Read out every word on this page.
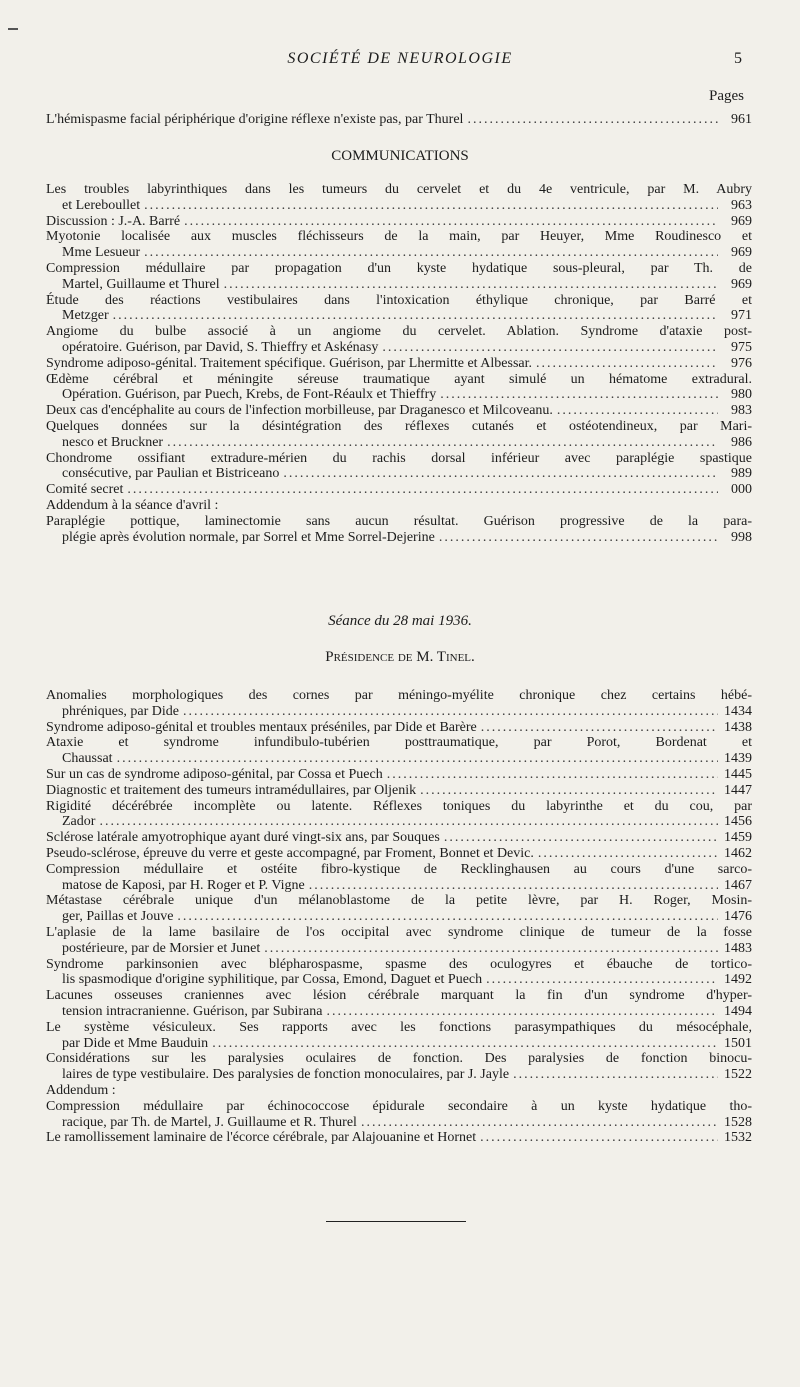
SOCIÉTÉ DE NEUROLOGIE	5
Pages
L'hémispasme facial périphérique d'origine réflexe n'existe pas, par Thurel .....	961
COMMUNICATIONS
Les troubles labyrinthiques dans les tumeurs du cervelet et du 4e ventricule, par M. Aubry
et Lereboullet .....	963
Discussion : J.-A. Barré .....	969
Myotonie localisée aux muscles fléchisseurs de la main, par Heuyer, Mme Roudinesco et
Mme Lesueur .....	969
Compression médullaire par propagation d'un kyste hydatique sous-pleural, par Th. de
Martel, Guillaume et Thurel .....	969
Étude des réactions vestibulaires dans l'intoxication éthylique chronique, par Barré et
Metzger .....	971
Angiome du bulbe associé à un angiome du cervelet. Ablation. Syndrome d'ataxie post-
opératoire. Guérison, par David, S. Thieffry et Askénasy .....	975
Syndrome adiposo-génital. Traitement spécifique. Guérison, par Lhermitte et Albessar. .....	976
Œdème cérébral et méningite séreuse traumatique ayant simulé un hématome extradural.
Opération. Guérison, par Puech, Krebs, de Font-Réaulx et Thieffry .....	980
Deux cas d'encéphalite au cours de l'infection morbilleuse, par Draganesco et Milcoveanu. .....	983
Quelques données sur la désintégration des réflexes cutanés et ostéotendineux, par Mari-
nesco et Bruckner .....	986
Chondrome ossifiant extradure-mérien du rachis dorsal inférieur avec paraplégie spastique
consécutive, par Paulian et Bistriceano .....	989
Comité secret .....	000
Addendum à la séance d'avril :
Paraplégie pottique, laminectomie sans aucun résultat. Guérison progressive de la para-
plégie après évolution normale, par Sorrel et Mme Sorrel-Dejerine .....	998
Séance du 28 mai 1936.
Présidence de M. Tinel.
Anomalies morphologiques des cornes par méningo-myélite chronique chez certains hébé-
phréniques, par Dide .....	1434
Syndrome adiposo-génital et troubles mentaux préséniles, par Dide et Barère .....	1438
Ataxie et syndrome infundibulo-tubérien posttraumatique, par Porot, Bordenat et
Chaussat .....	1439
Sur un cas de syndrome adiposo-génital, par Cossa et Puech .....	1445
Diagnostic et traitement des tumeurs intramédullaires, par Oljenik .....	1447
Rigidité décérébrée incomplète ou latente. Réflexes toniques du labyrinthe et du cou, par
Zador .....	1456
Sclérose latérale amyotrophique ayant duré vingt-six ans, par Souques .....	1459
Pseudo-sclérose, épreuve du verre et geste accompagné, par Froment, Bonnet et Devic. .....	1462
Compression médullaire et ostéite fibro-kystique de Recklinghausen au cours d'une sarco-
matose de Kaposi, par H. Roger et P. Vigne .....	1467
Métastase cérébrale unique d'un mélanoblastome de la petite lèvre, par H. Roger, Mosin-
ger, Paillas et Jouve .....	1476
L'aplasie de la lame basilaire de l'os occipital avec syndrome clinique de tumeur de la fosse
postérieure, par de Morsier et Junet .....	1483
Syndrome parkinsonien avec blépharospasme, spasme des oculogyres et ébauche de tortico-
lis spasmodique d'origine syphilitique, par Cossa, Emond, Daguet et Puech .....	1492
Lacunes osseuses craniennes avec lésion cérébrale marquant la fin d'un syndrome d'hyper-
tension intracranienne. Guérison, par Subirana .....	1494
Le système vésiculeux. Ses rapports avec les fonctions parasympathiques du mésocéphale,
par Dide et Mme Bauduin .....	1501
Considérations sur les paralysies oculaires de fonction. Des paralysies de fonction binocu-
laires de type vestibulaire. Des paralysies de fonction monoculaires, par J. Jayle .....	1522
Addendum :
Compression médullaire par échinococcose épidurale secondaire à un kyste hydatique tho-
racique, par Th. de Martel, J. Guillaume et R. Thurel .....	1528
Le ramollissement laminaire de l'écorce cérébrale, par Alajouanine et Hornet .....	1532
